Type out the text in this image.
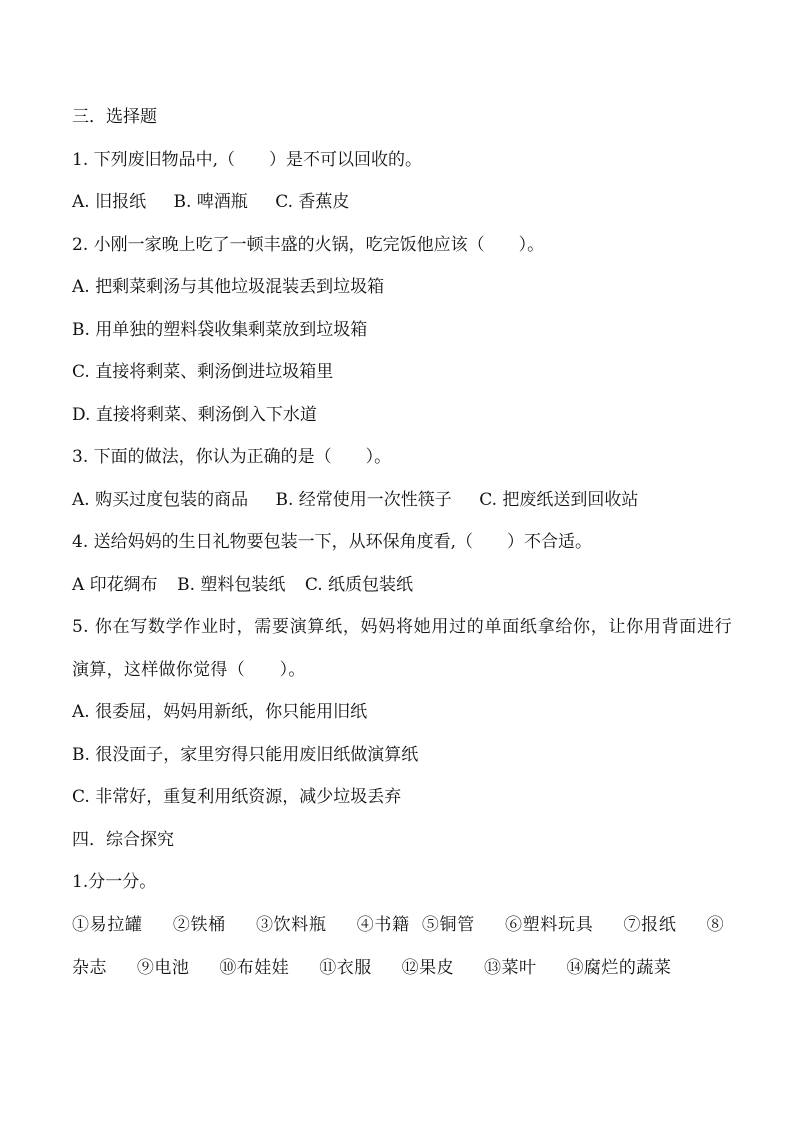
三．选择题
1. 下列废旧物品中,（　　）是不可以回收的。
A. 旧报纸 B. 啤酒瓶 C. 香蕉皮
2. 小刚一家晚上吃了一顿丰盛的火锅，吃完饭他应该（　　）。
A. 把剩菜剩汤与其他垃圾混装丢到垃圾箱
B. 用单独的塑料袋收集剩菜放到垃圾箱
C. 直接将剩菜、剩汤倒进垃圾箱里
D. 直接将剩菜、剩汤倒入下水道
3. 下面的做法，你认为正确的是（　　）。
A. 购买过度包装的商品 B. 经常使用一次性筷子 C. 把废纸送到回收站
4. 送给妈妈的生日礼物要包装一下，从环保角度看,（　　）不合适。
A 印花绸布 B. 塑料包装纸 C. 纸质包装纸
5. 你在写数学作业时，需要演算纸，妈妈将她用过的单面纸拿给你，让你用背面进行演算，这样做你觉得（　　）。
A. 很委屈，妈妈用新纸，你只能用旧纸
B. 很没面子，家里穷得只能用废旧纸做演算纸
C. 非常好，重复利用纸资源，减少垃圾丢弃
四．综合探究
1.分一分。
①易拉罐 ②铁桶 ③饮料瓶 ④书籍 ⑤铜管 ⑥塑料玩具 ⑦报纸 ⑧杂志 ⑨电池 ⑩布娃娃 ⑪衣服 ⑫果皮 ⑬菜叶 ⑭腐烂的蔬菜
